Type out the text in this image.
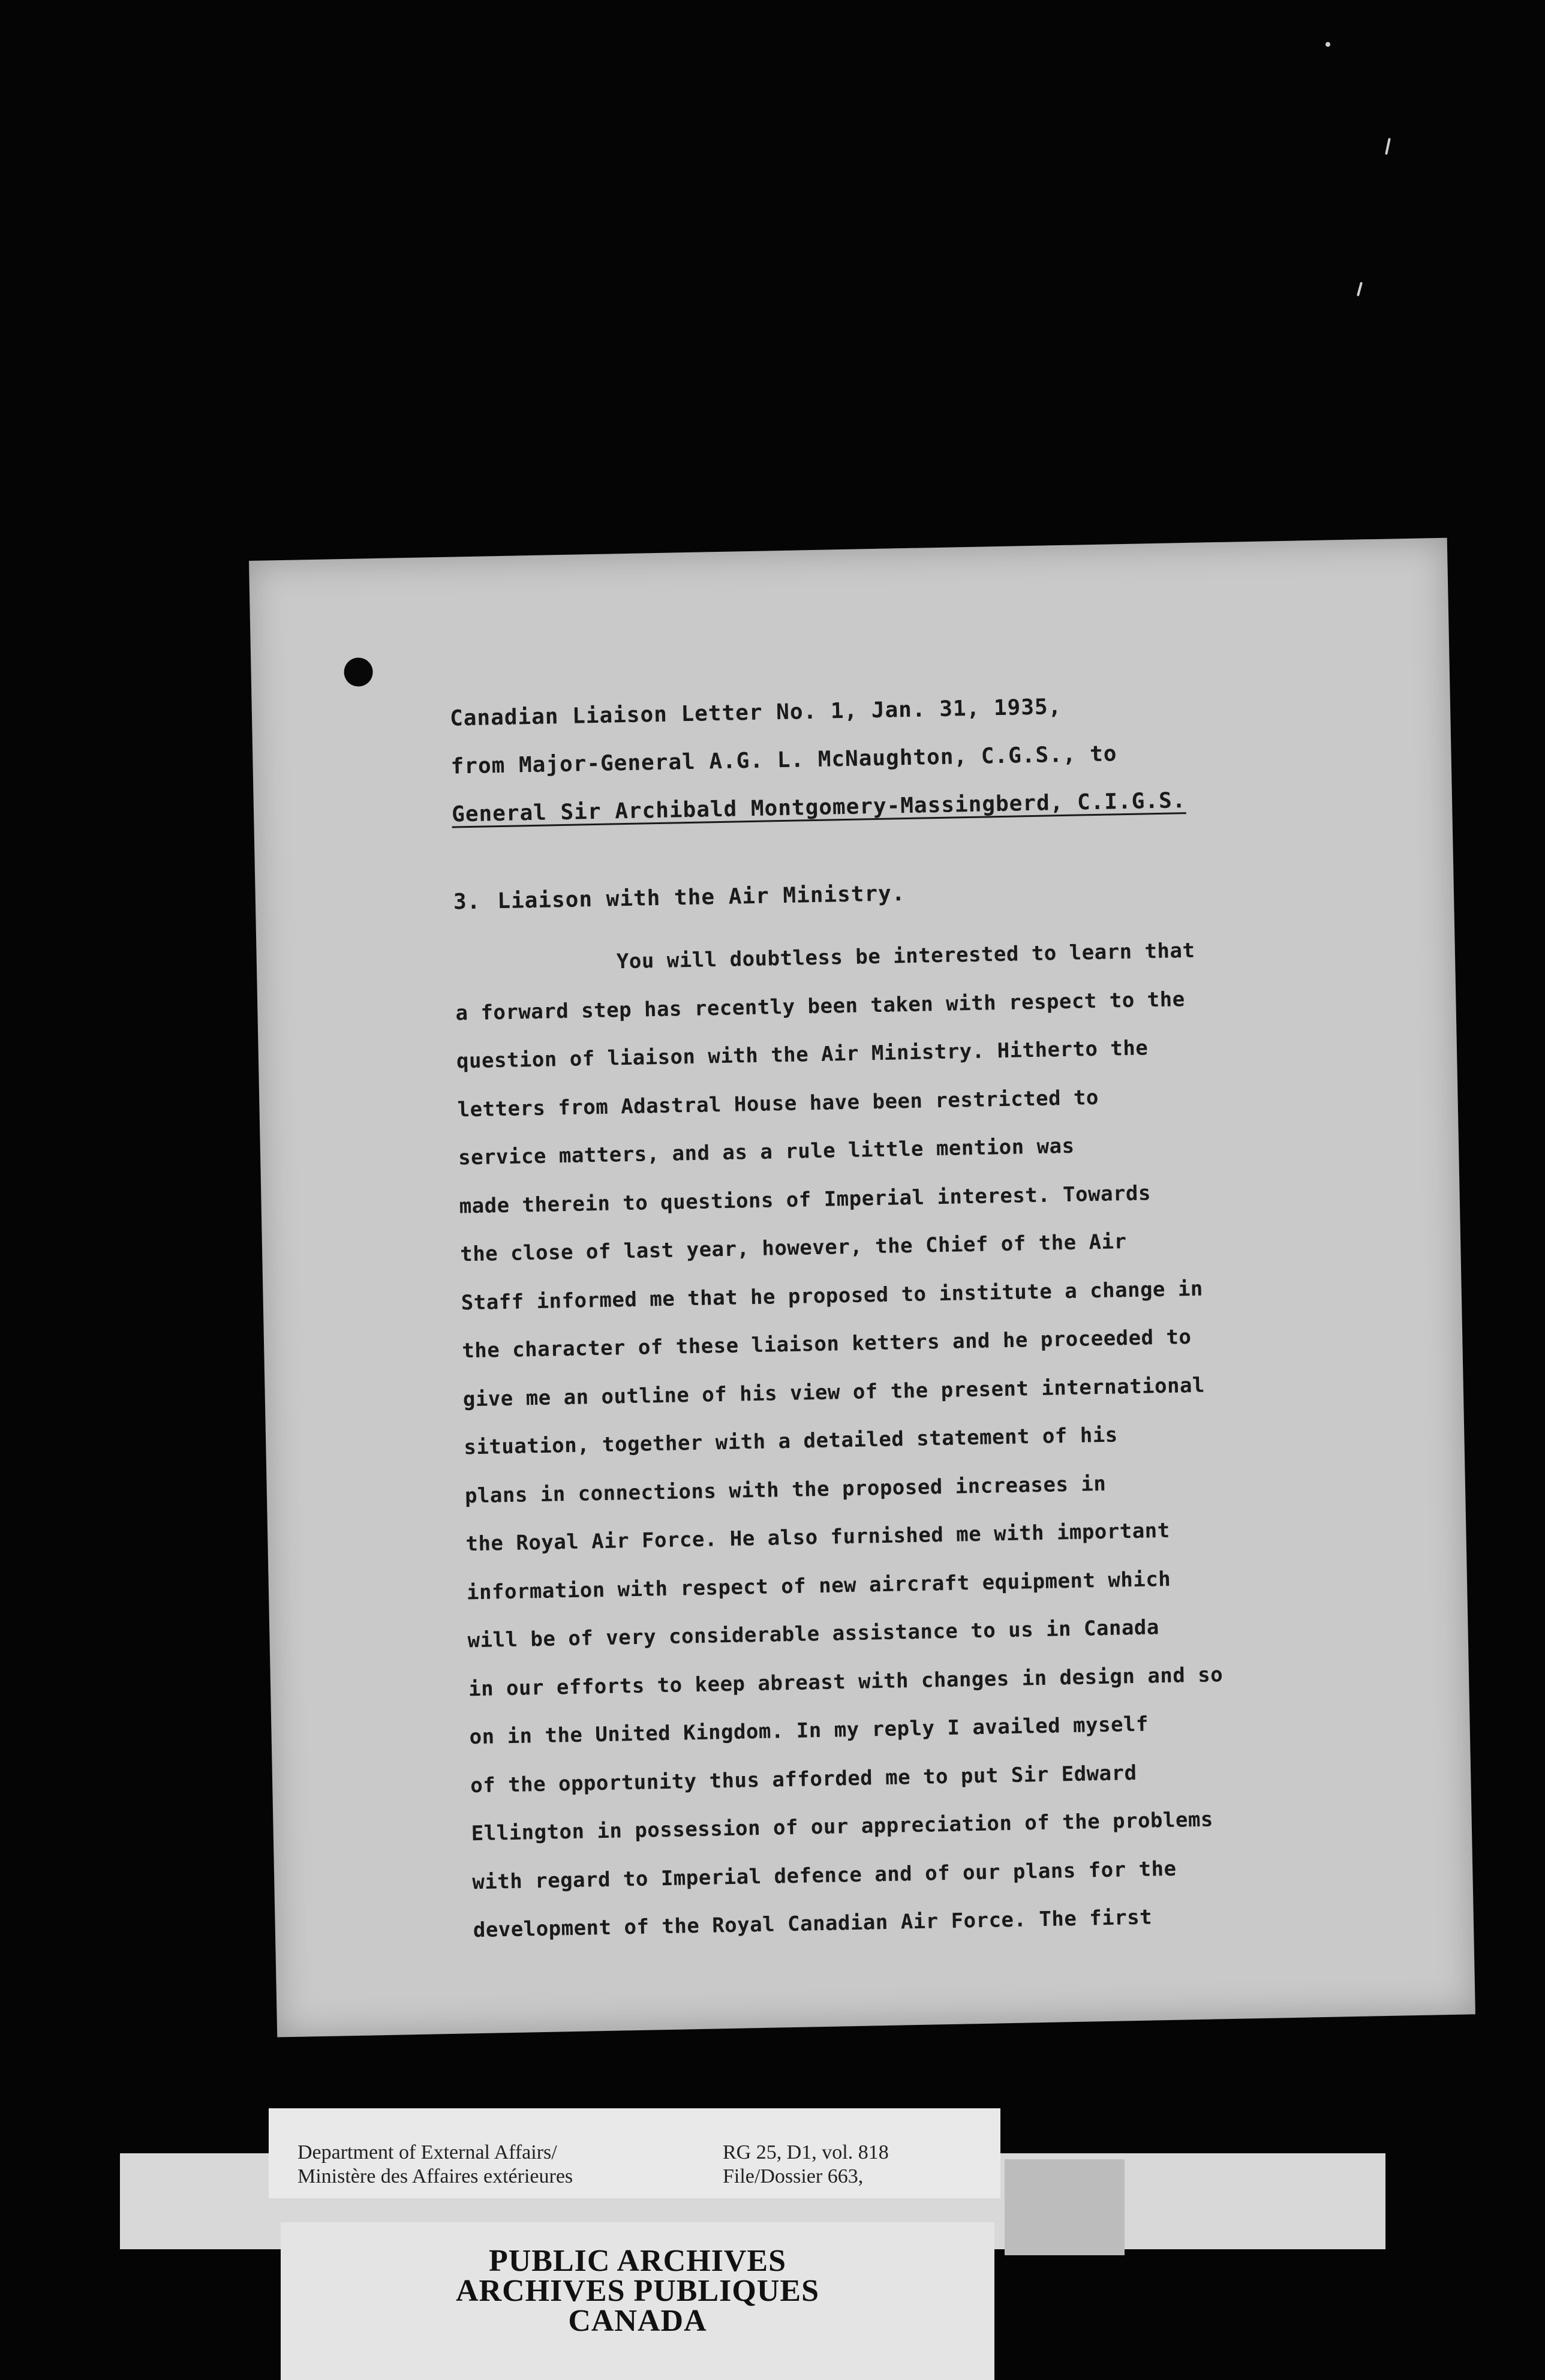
Canadian Liaison Letter No. 1, Jan. 31, 1935,
from Major-General A.G. L. McNaughton, C.G.S., to
General Sir Archibald Montgomery-Massingberd, C.I.G.S.
3. Liaison with the Air Ministry.
You will doubtless be interested to learn that
a forward step has recently been taken with respect to the
question of liaison with the Air Ministry. Hitherto the
letters from Adastral House have been restricted to
service matters, and as a rule little mention was
made therein to questions of Imperial interest. Towards
the close of last year, however, the Chief of the Air
Staff informed me that he proposed to institute a change in
the character of these liaison ketters and he proceeded to
give me an outline of his view of the present international
situation, together with a detailed statement of his
plans in connections with the proposed increases in
the Royal Air Force. He also furnished me with important
information with respect of new aircraft equipment which
will be of very considerable assistance to us in Canada
in our efforts to keep abreast with changes in design and so
on in the United Kingdom. In my reply I availed myself
of the opportunity thus afforded me to put Sir Edward
Ellington in possession of our appreciation of the problems
with regard to Imperial defence and of our plans for the
development of the Royal Canadian Air Force. The first
Department of External Affairs/
Ministère des Affaires extérieures
RG 25, D1, vol. 818
File/Dossier 663,
PUBLIC ARCHIVES
ARCHIVES PUBLIQUES
CANADA
